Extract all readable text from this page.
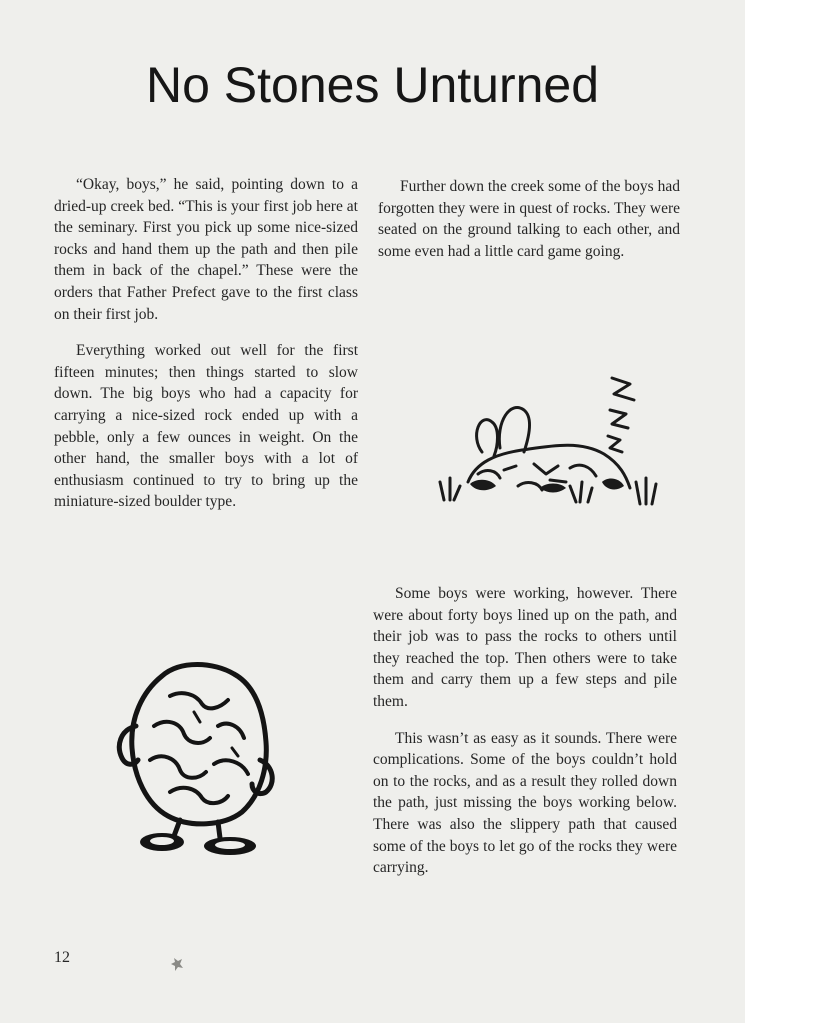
No Stones Unturned

“Okay, boys,” he said, pointing down to a dried-up creek bed. “This is your first job here at the seminary. First you pick up some nice-sized rocks and hand them up the path and then pile them in back of the chapel.” These were the orders that Father Prefect gave to the first class on their first job.

Everything worked out well for the first fifteen minutes; then things started to slow down. The big boys who had a capacity for carrying a nice-sized rock ended up with a pebble, only a few ounces in weight. On the other hand, the smaller boys with a lot of enthusiasm continued to try to bring up the miniature-sized boulder type.

Further down the creek some of the boys had forgotten they were in quest of rocks. They were seated on the ground talking to each other, and some even had a little card game going.

Some boys were working, however. There were about forty boys lined up on the path, and their job was to pass the rocks to others until they reached the top. Then others were to take them and carry them up a few steps and pile them.

This wasn’t as easy as it sounds. There were complications. Some of the boys couldn’t hold on to the rocks, and as a result they rolled down the path, just missing the boys working below. There was also the slippery path that caused some of the boys to let go of the rocks they were carrying.

12
